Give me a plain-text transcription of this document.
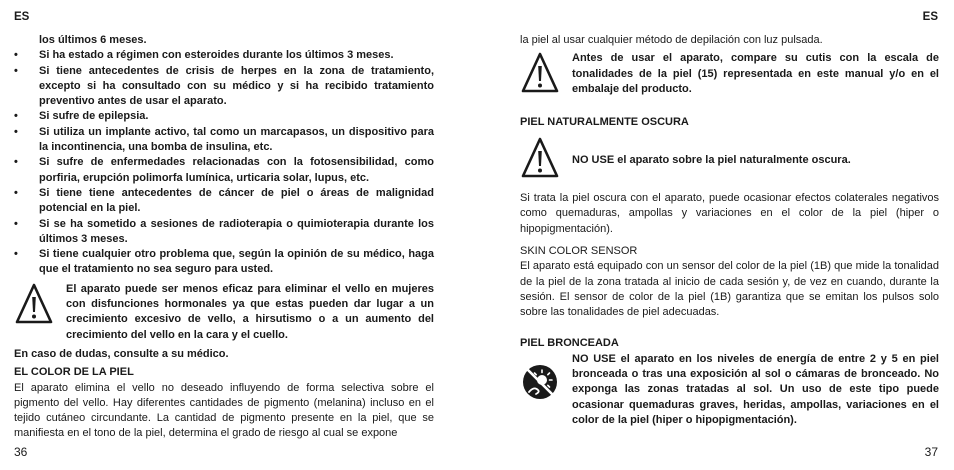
ES
los últimos 6 meses.
• Si ha estado a régimen con esteroides durante los últimos 3 meses.
• Si tiene antecedentes de crisis de herpes en la zona de tratamiento, excepto si ha consultado con su médico y si ha recibido tratamiento preventivo antes de usar el aparato.
• Si sufre de epilepsia.
• Si utiliza un implante activo, tal como un marcapasos, un dispositivo para la incontinencia, una bomba de insulina, etc.
• Si sufre de enfermedades relacionadas con la fotosensibilidad, como porfiria, erupción polimorfa lumínica, urticaria solar, lupus, etc.
• Si tiene tiene antecedentes de cáncer de piel o áreas de malignidad potencial en la piel.
• Si se ha sometido a sesiones de radioterapia o quimioterapia durante los últimos 3 meses.
• Si tiene cualquier otro problema que, según la opinión de su médico, haga que el tratamiento no sea seguro para usted.
El aparato puede ser menos eficaz para eliminar el vello en mujeres con disfunciones hormonales ya que estas pueden dar lugar a un crecimiento excesivo de vello, a hirsutismo o a un aumento del crecimiento del vello en la cara y el cuello.
En caso de dudas, consulte a su médico.
EL COLOR DE LA PIEL

El aparato elimina el vello no deseado influyendo de forma selectiva sobre el pigmento del vello. Hay diferentes cantidades de pigmento (melanina) incluso en el tejido cutáneo circundante. La cantidad de pigmento presente en la piel, que se manifiesta en el tono de la piel, determina el grado de riesgo al cual se expone

36
ES

la piel al usar cualquier método de depilación con luz pulsada.

Antes de usar el aparato, compare su cutis con la escala de tonalidades de la piel (15) representada en este manual y/o en el embalaje del producto.
PIEL NATURALMENTE OSCURA
NO USE el aparato sobre la piel naturalmente oscura.

Si trata la piel oscura con el aparato, puede ocasionar efectos colaterales negativos como quemaduras, ampollas y variaciones en el color de la piel (hiper o hipopigmentación).

SKIN COLOR SENSOR

El aparato está equipado con un sensor del color de la piel (1B) que mide la tonalidad de la piel de la zona tratada al inicio de cada sesión y, de vez en cuando, durante la sesión. El sensor de color de la piel (1B) garantiza que se emitan los pulsos solo sobre las tonalidades de piel adecuadas.

PIEL BRONCEADA
NO USE el aparato en los niveles de energía de entre 2 y 5 en piel bronceada o tras una exposición al sol o cámaras de bronceado. No exponga las zonas tratadas al sol. Un uso de este tipo puede ocasionar quemaduras graves, heridas, ampollas, variaciones en el color de la piel (hiper o hipopigmentación).
37
